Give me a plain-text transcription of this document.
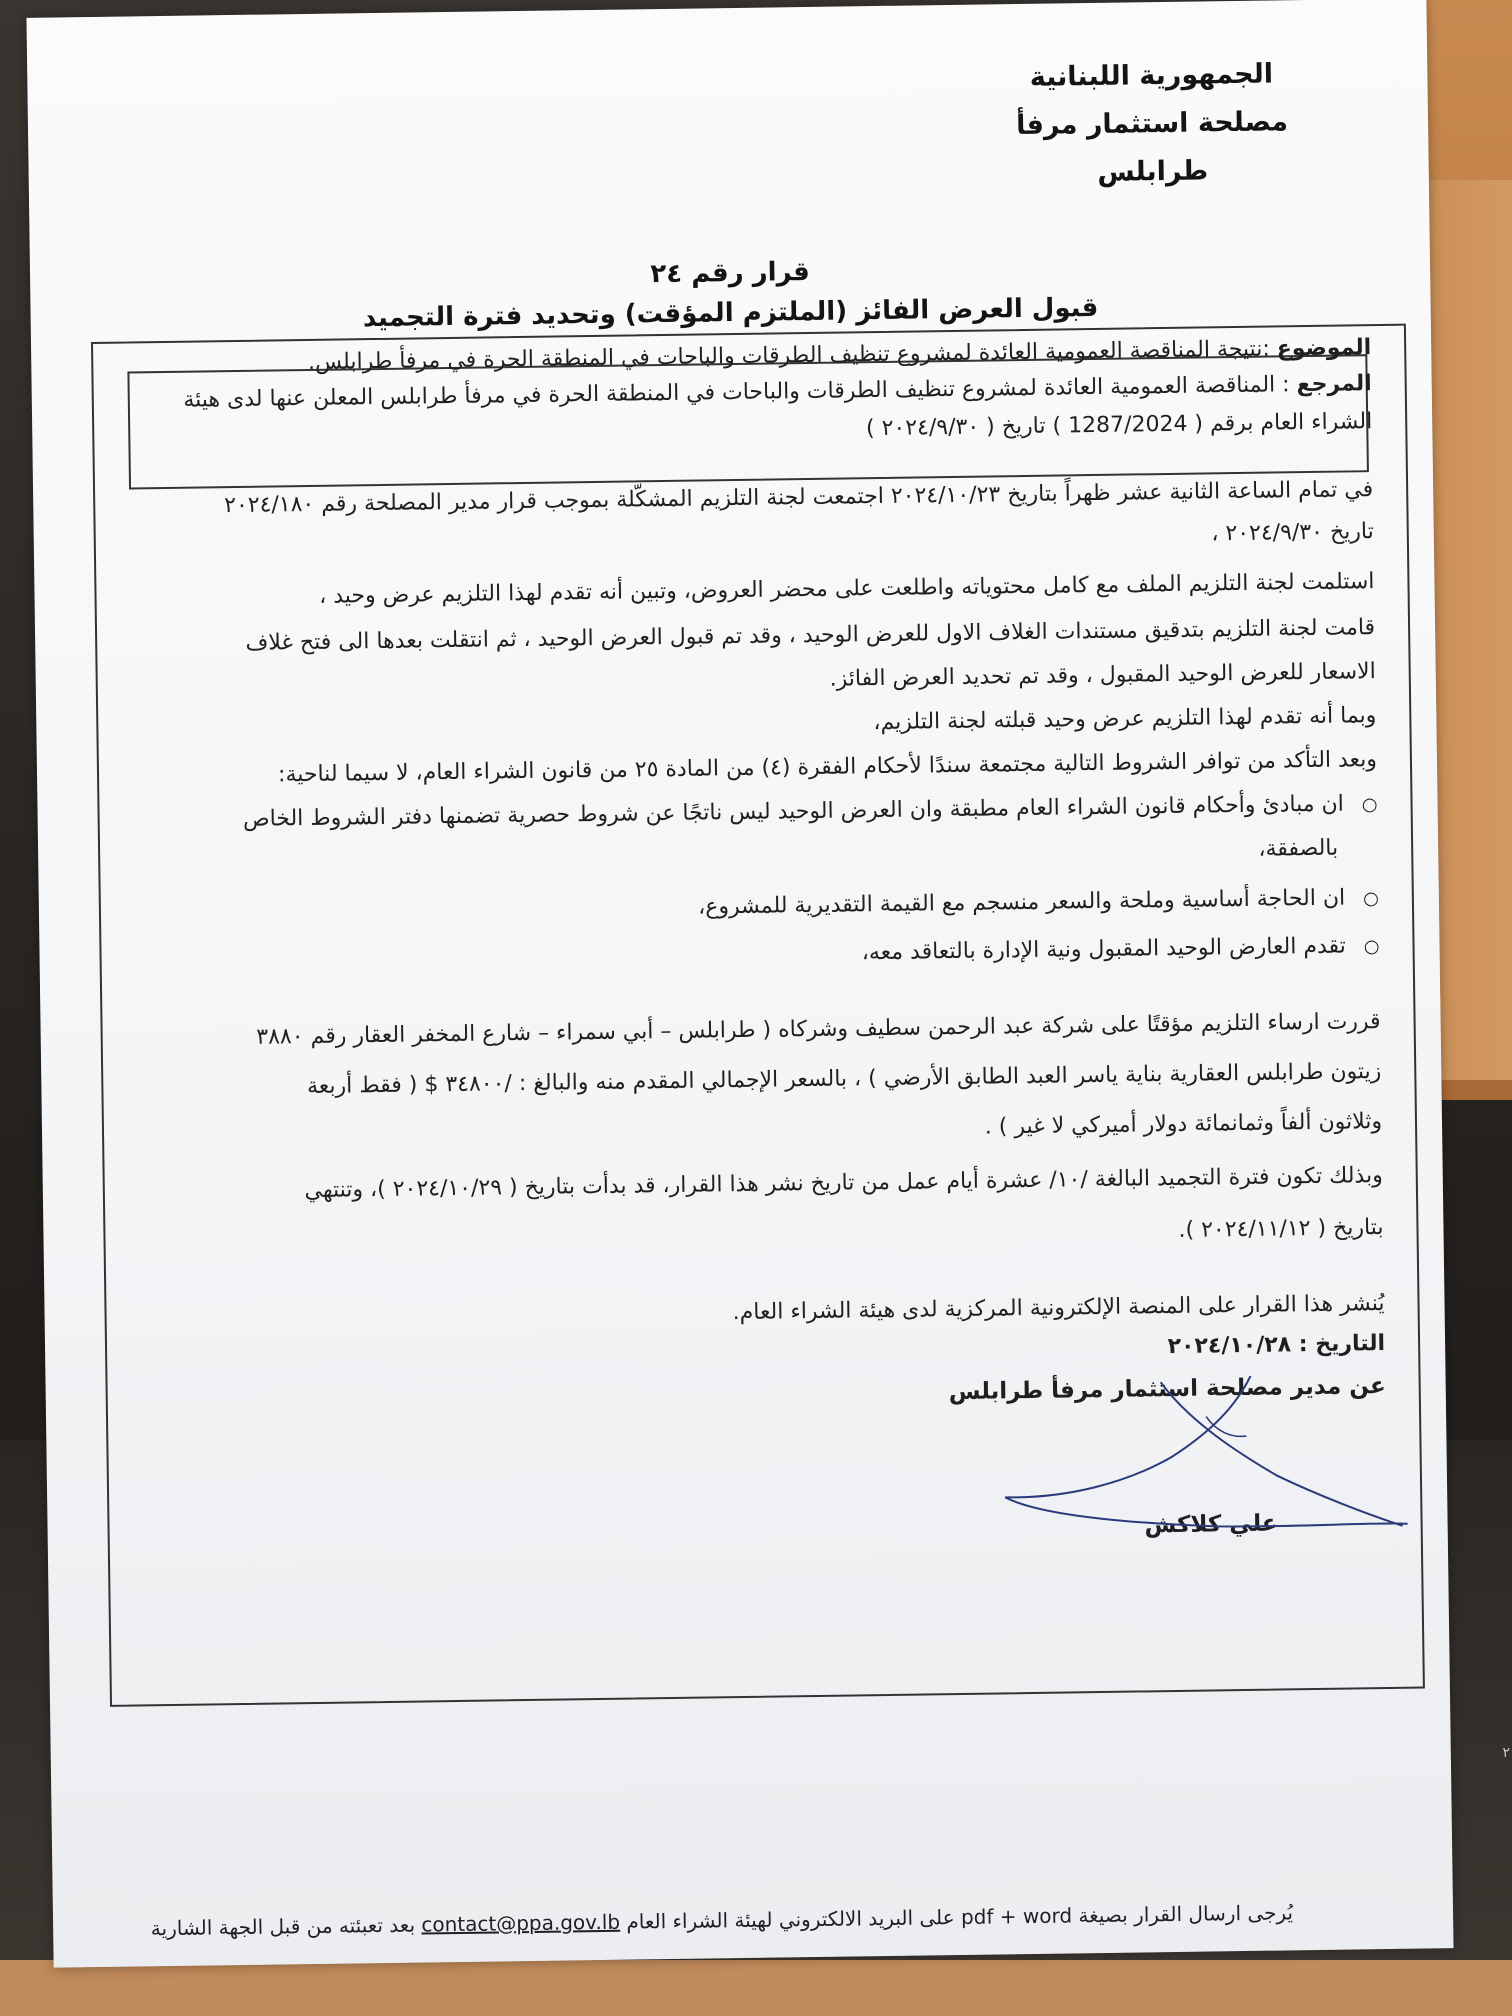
الجمهورية اللبنانية
مصلحة استثمار مرفأ
طرابلس
قرار رقم ٢٤
قبول العرض الفائز (الملتزم المؤقت) وتحديد فترة التجميد
الموضوع :نتيجة المناقصة العمومية العائدة لمشروع تنظيف الطرقات والباحات في المنطقة الحرة في مرفأ طرابلس.
المرجع : المناقصة العمومية العائدة لمشروع تنظيف الطرقات والباحات في المنطقة الحرة في مرفأ طرابلس المعلن عنها لدى هيئة
الشراء العام برقم ( 1287/2024 ) تاريخ ( ٢٠٢٤/٩/٣٠ )
في تمام الساعة الثانية عشر ظهراً بتاريخ ٢٠٢٤/١٠/٢٣ اجتمعت لجنة التلزيم المشكّلة بموجب قرار مدير المصلحة رقم ٢٠٢٤/١٨٠
تاريخ ٢٠٢٤/٩/٣٠ ،
استلمت لجنة التلزيم الملف مع كامل محتوياته واطلعت على محضر العروض، وتبين أنه تقدم لهذا التلزيم عرض وحيد ،
قامت لجنة التلزيم بتدقيق مستندات الغلاف الاول للعرض الوحيد ، وقد تم قبول العرض الوحيد ، ثم انتقلت بعدها الى فتح غلاف
الاسعار للعرض الوحيد المقبول ، وقد تم تحديد العرض الفائز.
وبما أنه تقدم لهذا التلزيم عرض وحيد قبلته لجنة التلزيم،
وبعد التأكد من توافر الشروط التالية مجتمعة سندًا لأحكام الفقرة (٤) من المادة ٢٥ من قانون الشراء العام، لا سيما لناحية:
○ ان مبادئ وأحكام قانون الشراء العام مطبقة وان العرض الوحيد ليس ناتجًا عن شروط حصرية تضمنها دفتر الشروط الخاص
بالصفقة،
○ ان الحاجة أساسية وملحة والسعر منسجم مع القيمة التقديرية للمشروع،
○ تقدم العارض الوحيد المقبول ونية الإدارة بالتعاقد معه،
قررت ارساء التلزيم مؤقتًا على شركة عبد الرحمن سطيف وشركاه ( طرابلس – أبي سمراء – شارع المخفر العقار رقم ٣٨٨٠
زيتون طرابلس العقارية بناية ياسر العبد الطابق الأرضي ) ، بالسعر الإجمالي المقدم منه والبالغ : /٣٤٨٠٠ $ ( فقط أربعة
وثلاثون ألفاً وثمانمائة دولار أميركي لا غير ) .
وبذلك تكون فترة التجميد البالغة /١٠/ عشرة أيام عمل من تاريخ نشر هذا القرار، قد بدأت بتاريخ ( ٢٠٢٤/١٠/٢٩ )، وتنتهي
بتاريخ ( ٢٠٢٤/١١/١٢ ).
يُنشر هذا القرار على المنصة الإلكترونية المركزية لدى هيئة الشراء العام.
التاريخ : ٢٠٢٤/١٠/٢٨
عن مدير مصلحة استثمار مرفأ طرابلس
علي كلاكش
يُرجى ارسال القرار بصيغة pdf + word على البريد الالكتروني لهيئة الشراء العام contact@ppa.gov.lb بعد تعبئته من قبل الجهة الشارية
٢
